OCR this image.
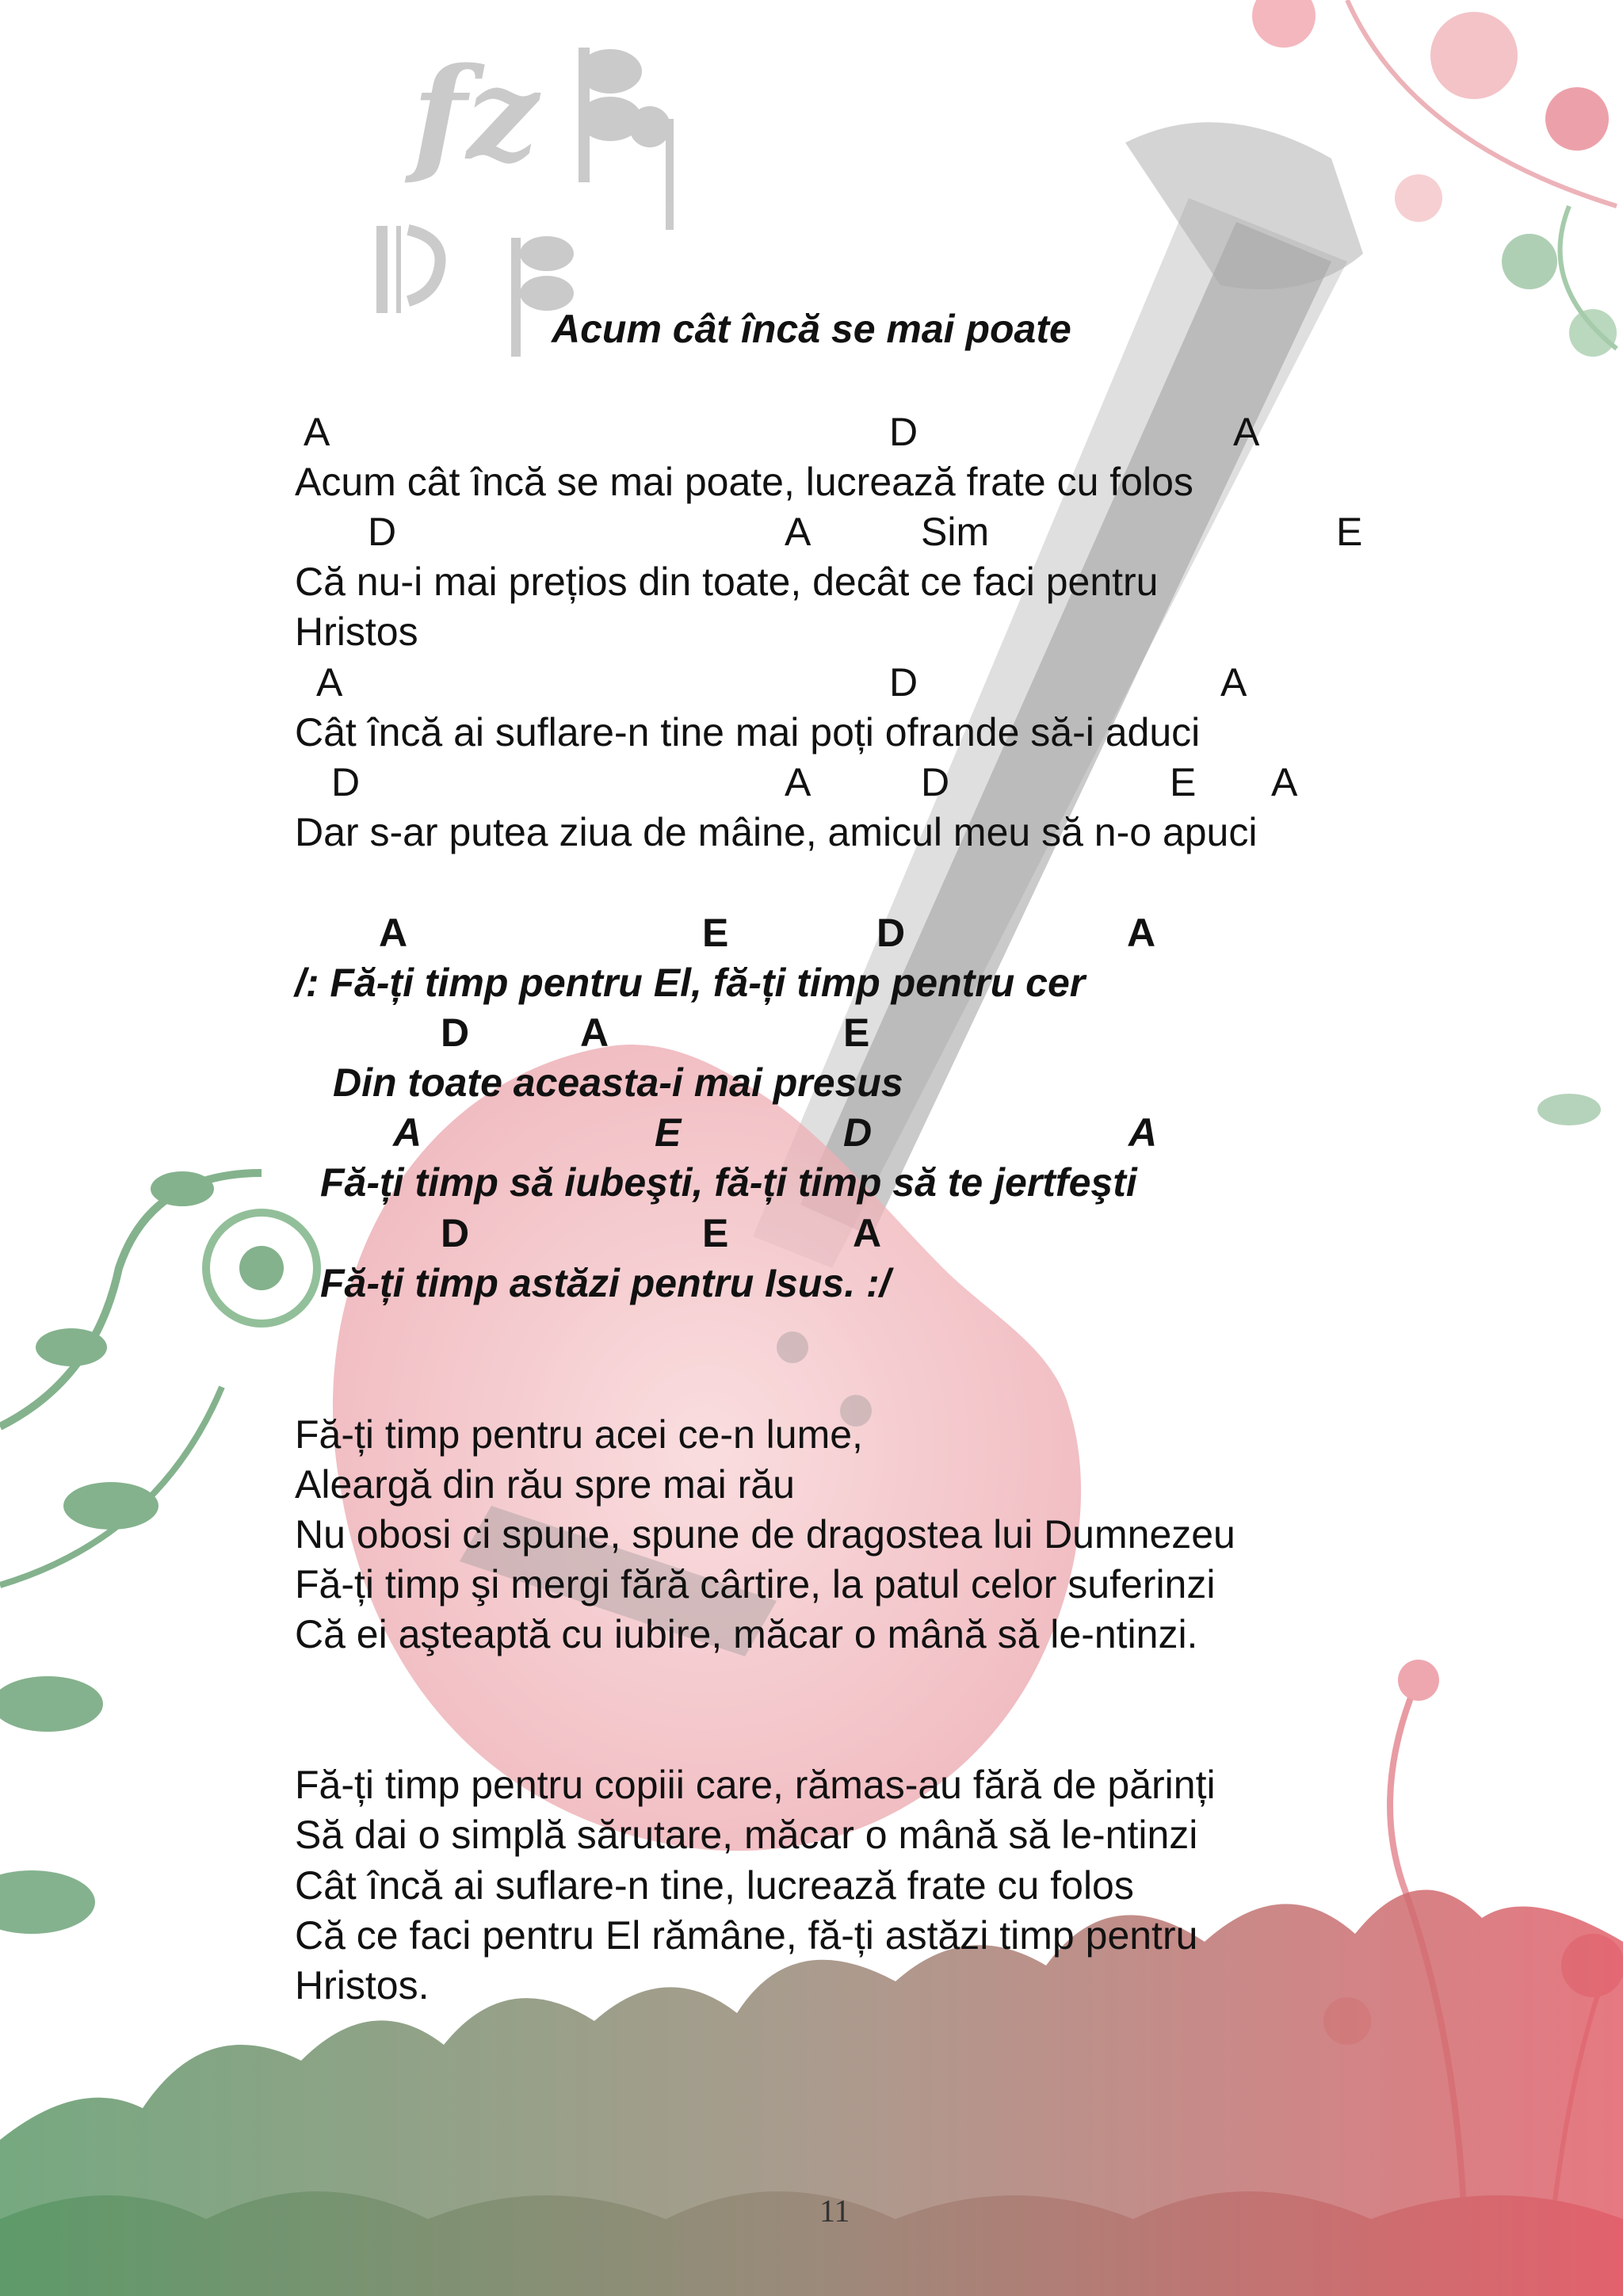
fz
Acum cât încă se mai poate
A	D	A
Acum cât încă se mai poate, lucrează frate cu folos
D	A	Sim	E
Că nu-i mai prețios din toate, decât ce faci pentru
Hristos
A	D	A
Cât încă ai suflare-n tine mai poți ofrande să-i aduci
D	A	D	E A
Dar s-ar putea ziua de mâine, amicul meu să n-o apuci
A	E	D	A
/: Fă-ți timp pentru El, fă-ți timp pentru cer
D	A	E
Din toate aceasta-i mai presus
A	E	D	A
Fă-ți timp să iubeşti, fă-ți timp să te jertfeşti
D	E	A
Fă-ți timp astăzi pentru Isus. :/
Fă-ți timp pentru acei ce-n lume,
Aleargă din rău spre mai rău
Nu obosi ci spune, spune de dragostea lui Dumnezeu
Fă-ți timp şi mergi fără cârtire, la patul celor suferinzi
Că ei aşteaptă cu iubire, măcar o mână să le-ntinzi.
Fă-ți timp pentru copiii care, rămas-au fără de părinți
Să dai o simplă sărutare, măcar o mână să le-ntinzi
Cât încă ai suflare-n tine, lucrează frate cu folos
Că ce faci pentru El rămâne, fă-ți astăzi timp pentru
Hristos.
11
